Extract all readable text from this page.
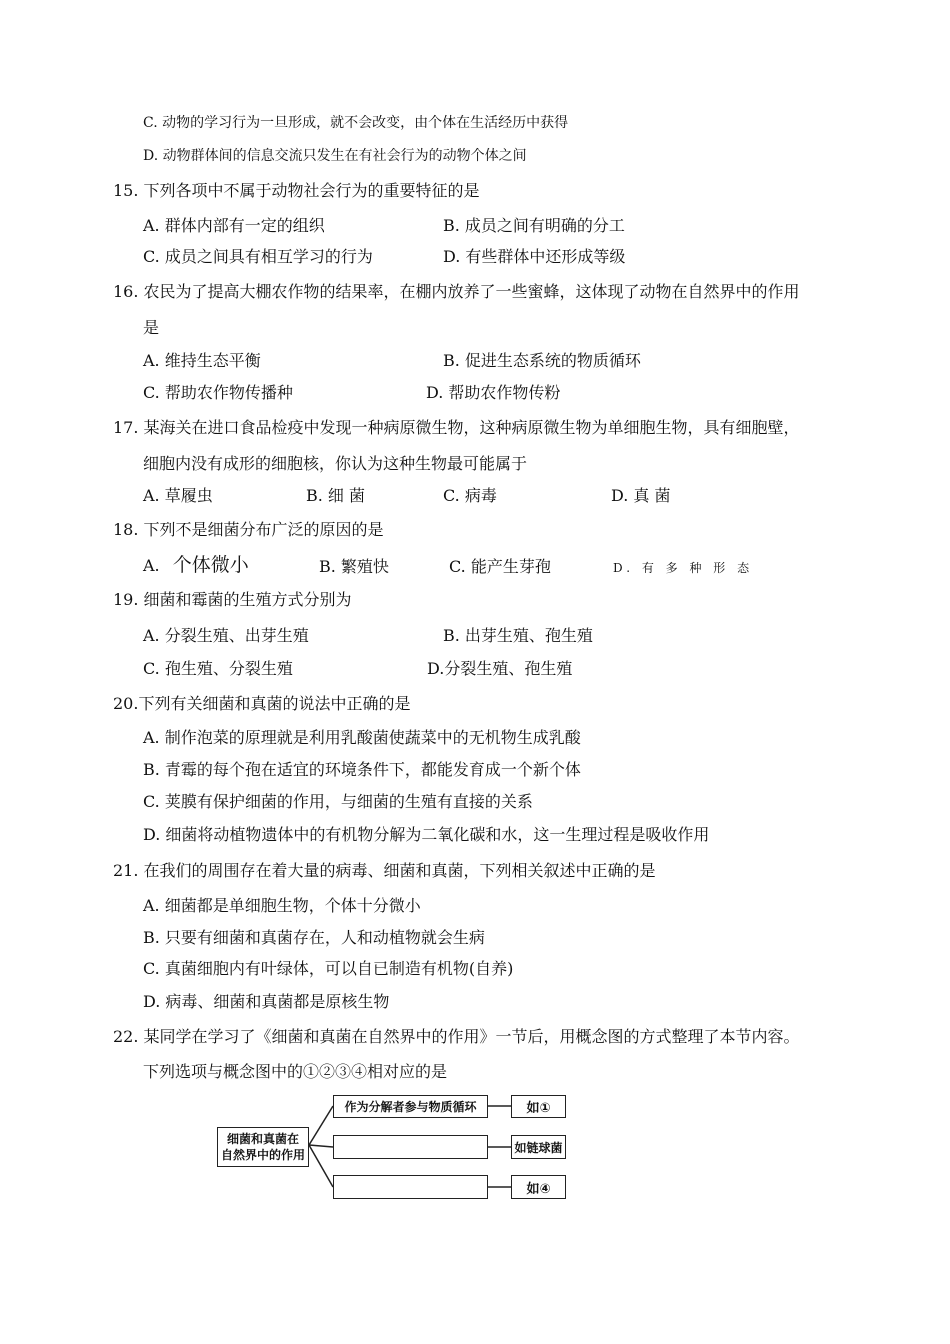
C. 动物的学习行为一旦形成，就不会改变，由个体在生活经历中获得
D. 动物群体间的信息交流只发生在有社会行为的动物个体之间
15. 下列各项中不属于动物社会行为的重要特征的是
A. 群体内部有一定的组织	B. 成员之间有明确的分工
C. 成员之间具有相互学习的行为	D. 有些群体中还形成等级
16. 农民为了提高大棚农作物的结果率，在棚内放养了一些蜜蜂，这体现了动物在自然界中的作用
是
A. 维持生态平衡	B. 促进生态系统的物质循环
C. 帮助农作物传播种	D. 帮助农作物传粉
17. 某海关在进口食品检疫中发现一种病原微生物，这种病原微生物为单细胞生物，具有细胞壁，
细胞内没有成形的细胞核，你认为这种生物最可能属于
A. 草履虫	B. 细 菌	C. 病毒	D. 真 菌
18. 下列不是细菌分布广泛的原因的是
A. 个体微小	B. 繁殖快	C. 能产生芽孢	D. 有 多 种 形 态
19. 细菌和霉菌的生殖方式分别为
A. 分裂生殖、出芽生殖	B. 出芽生殖、孢生殖
C. 孢生殖、分裂生殖	D.分裂生殖、孢生殖
20.下列有关细菌和真菌的说法中正确的是
A. 制作泡菜的原理就是利用乳酸菌使蔬菜中的无机物生成乳酸
B. 青霉的每个孢在适宜的环境条件下，都能发育成一个新个体
C. 荚膜有保护细菌的作用，与细菌的生殖有直接的关系
D. 细菌将动植物遗体中的有机物分解为二氧化碳和水，这一生理过程是吸收作用
21. 在我们的周围存在着大量的病毒、细菌和真菌，下列相关叙述中正确的是
A. 细菌都是单细胞生物，个体十分微小
B. 只要有细菌和真菌存在，人和动植物就会生病
C. 真菌细胞内有叶绿体，可以自已制造有机物(自养)
D. 病毒、细菌和真菌都是原核生物
22. 某同学在学习了《细菌和真菌在自然界中的作用》一节后，用概念图的方式整理了本节内容。
下列选项与概念图中的①②③④相对应的是
细菌和真菌在
自然界中的作用
作为分解者参与物质循环	如①
如链球菌
如④
